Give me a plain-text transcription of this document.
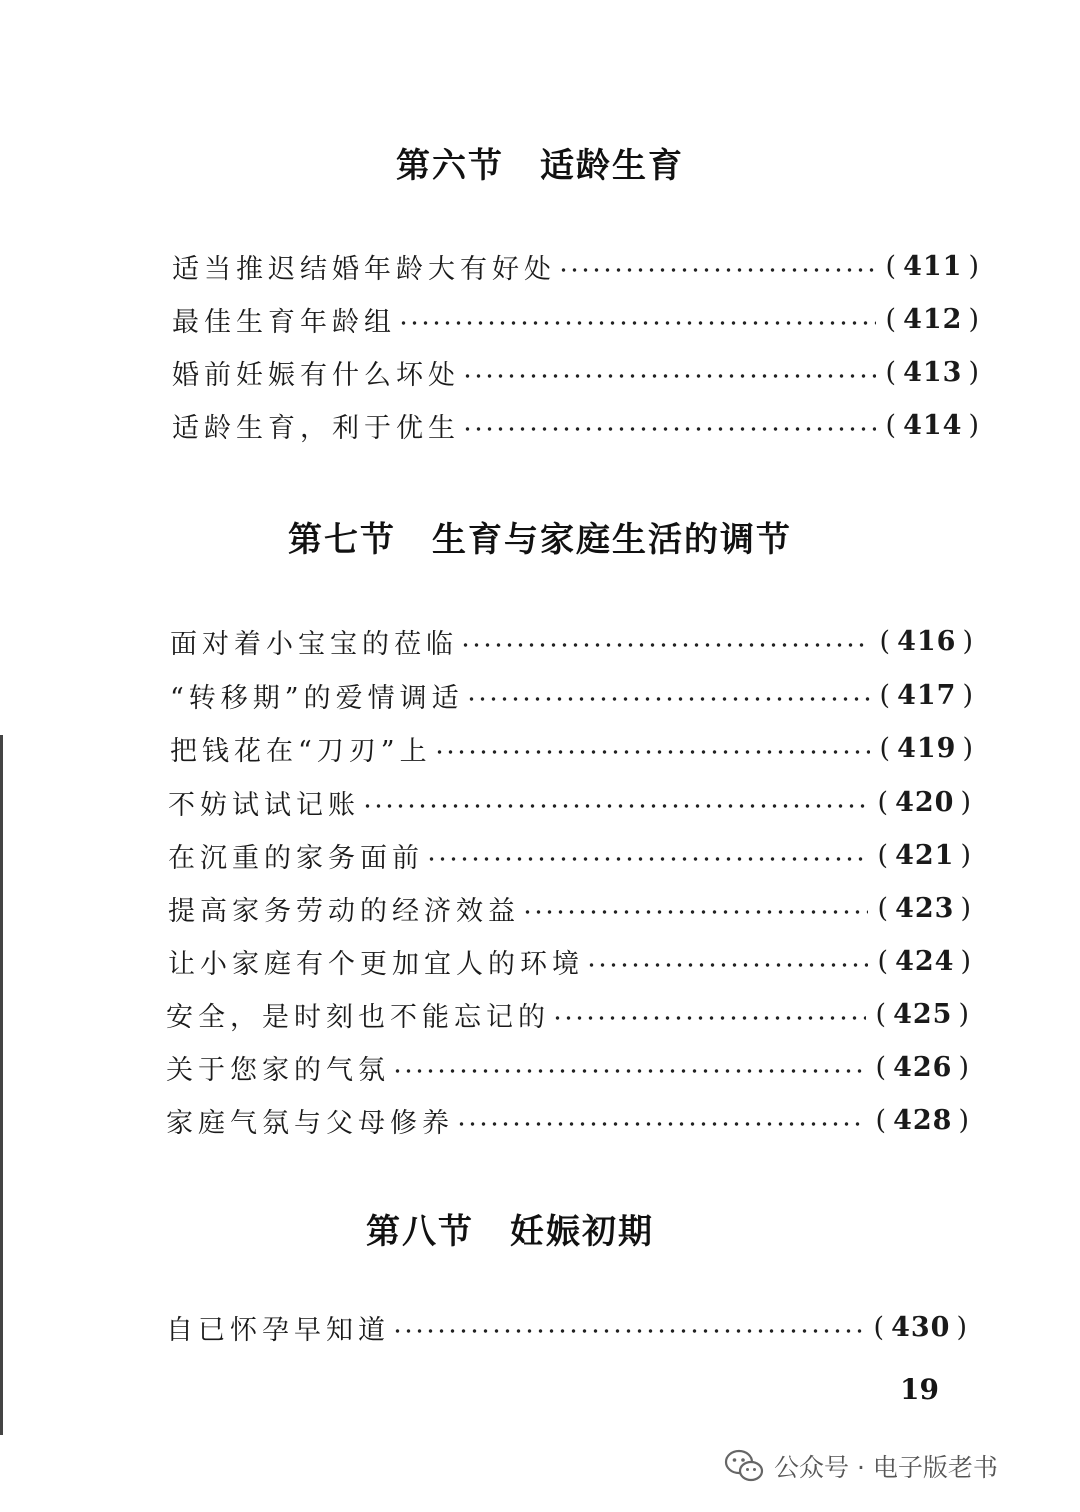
第六节 适龄生育
适当推迟结婚年龄大有好处	( 411 )
最佳生育年龄组	( 412 )
婚前妊娠有什么坏处	( 413 )
适龄生育，利于优生	( 414 )
第七节 生育与家庭生活的调节
面对着小宝宝的莅临	( 416 )
“转移期”的爱情调适	( 417 )
把钱花在“刀刃”上	( 419 )
不妨试试记账	( 420 )
在沉重的家务面前	( 421 )
提高家务劳动的经济效益	( 423 )
让小家庭有个更加宜人的环境	( 424 )
安全，是时刻也不能忘记的	( 425 )
关于您家的气氛	( 426 )
家庭气氛与父母修养	( 428 )
第八节 妊娠初期
自已怀孕早知道	( 430 )
19
公众号 · 电子版老书
